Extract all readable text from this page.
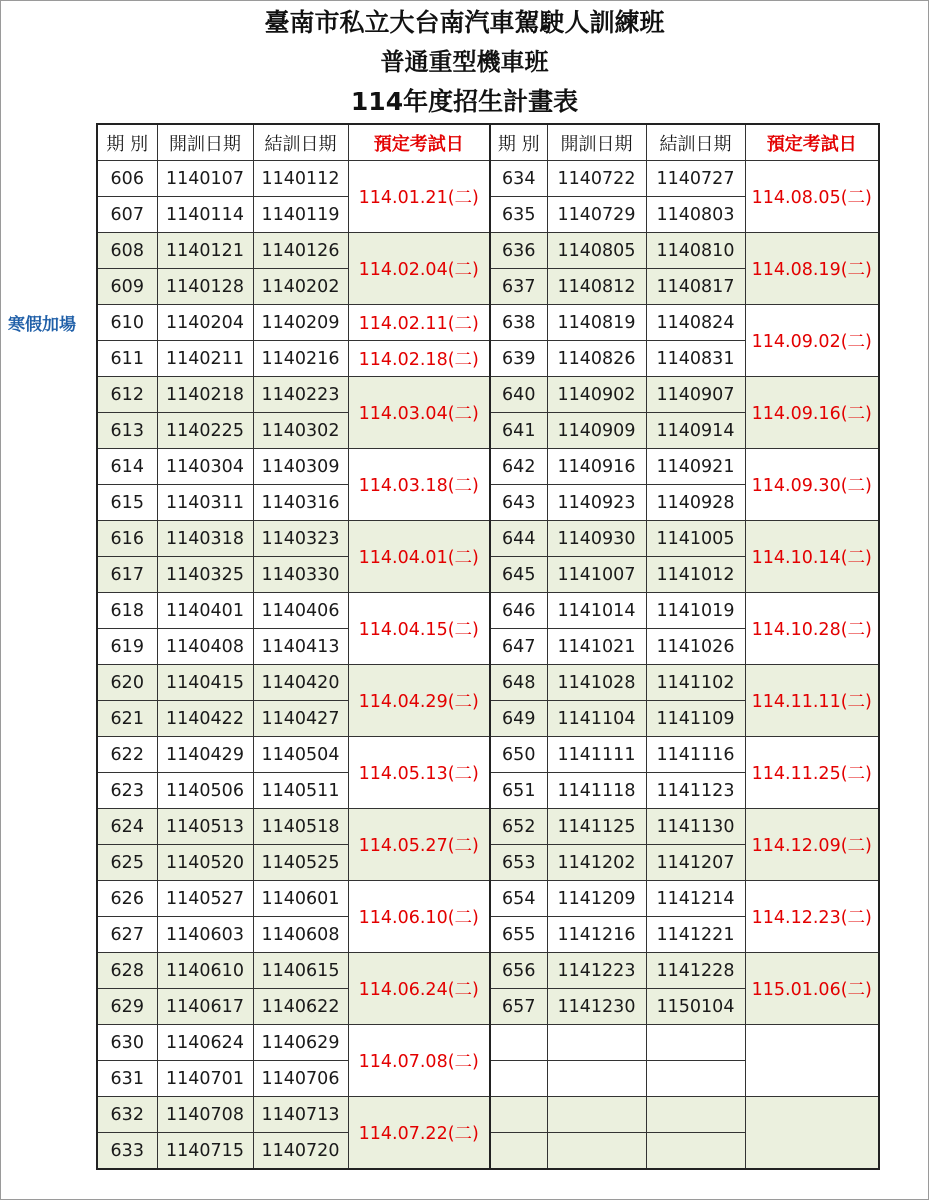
臺南市私立大台南汽車駕駛人訓練班
普通重型機車班
114年度招生計畫表
寒假加場
期 別	開訓日期	結訓日期	預定考試日	期 別	開訓日期	結訓日期	預定考試日
606	1140107	1140112	114.01.21(二)	634	1140722	1140727	114.08.05(二)
607	1140114	1140119		635	1140729	1140803	
608	1140121	1140126	114.02.04(二)	636	1140805	1140810	114.08.19(二)
609	1140128	1140202		637	1140812	1140817	
610	1140204	1140209	114.02.11(二)	638	1140819	1140824	114.09.02(二)
611	1140211	1140216	114.02.18(二)	639	1140826	1140831	
612	1140218	1140223	114.03.04(二)	640	1140902	1140907	114.09.16(二)
613	1140225	1140302		641	1140909	1140914	
614	1140304	1140309	114.03.18(二)	642	1140916	1140921	114.09.30(二)
615	1140311	1140316		643	1140923	1140928	
616	1140318	1140323	114.04.01(二)	644	1140930	1141005	114.10.14(二)
617	1140325	1140330		645	1141007	1141012	
618	1140401	1140406	114.04.15(二)	646	1141014	1141019	114.10.28(二)
619	1140408	1140413		647	1141021	1141026	
620	1140415	1140420	114.04.29(二)	648	1141028	1141102	114.11.11(二)
621	1140422	1140427		649	1141104	1141109	
622	1140429	1140504	114.05.13(二)	650	1141111	1141116	114.11.25(二)
623	1140506	1140511		651	1141118	1141123	
624	1140513	1140518	114.05.27(二)	652	1141125	1141130	114.12.09(二)
625	1140520	1140525		653	1141202	1141207	
626	1140527	1140601	114.06.10(二)	654	1141209	1141214	114.12.23(二)
627	1140603	1140608		655	1141216	1141221	
628	1140610	1140615	114.06.24(二)	656	1141223	1141228	115.01.06(二)
629	1140617	1140622		657	1141230	1150104	
630	1140624	1140629	114.07.08(二)				
631	1140701	1140706					
632	1140708	1140713	114.07.22(二)				
633	1140715	1140720					
